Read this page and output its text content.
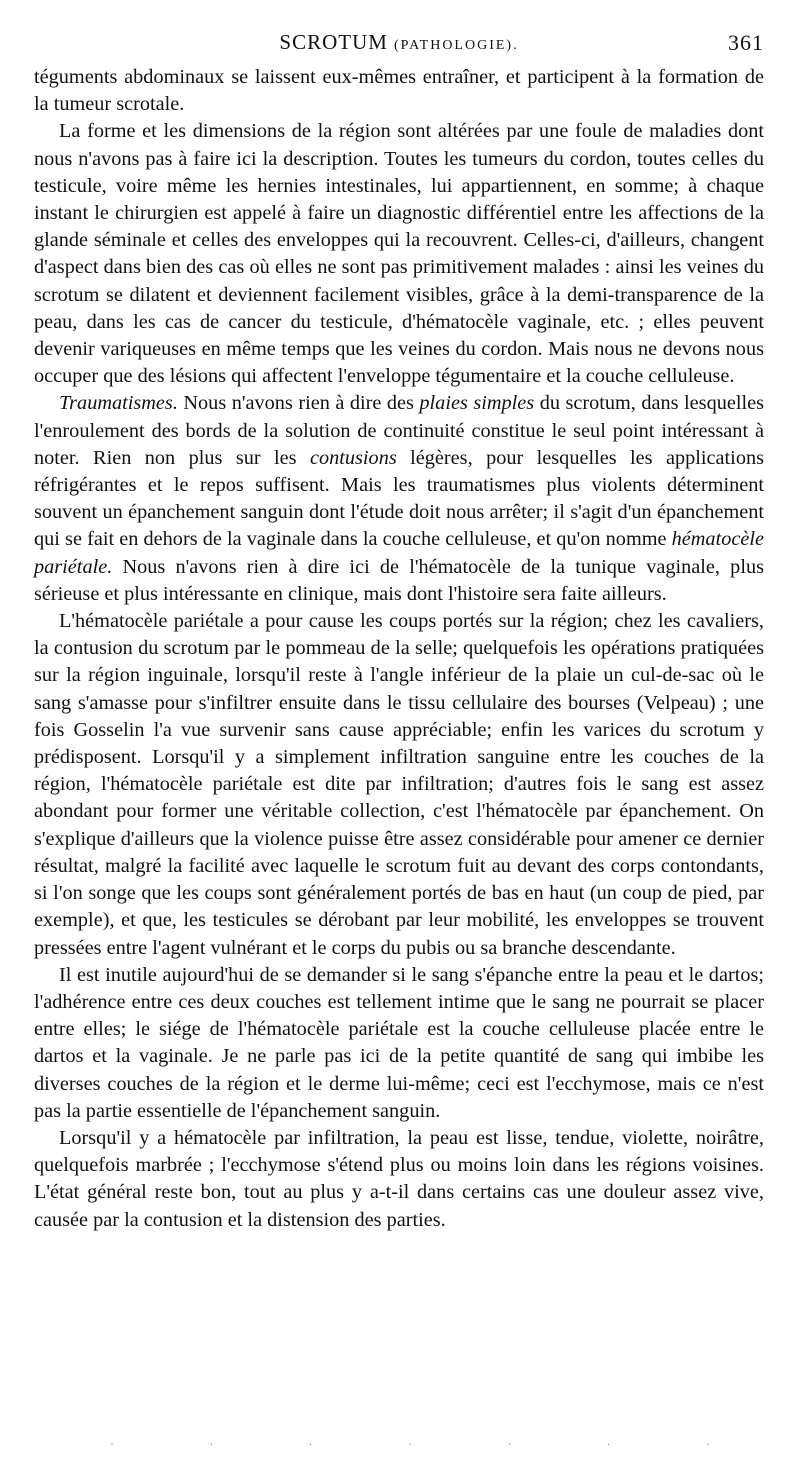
SCROTUM (PATHOLOGIE).	361

téguments abdominaux se laissent eux-mêmes entraîner, et participent à la formation de la tumeur scrotale.

La forme et les dimensions de la région sont altérées par une foule de maladies dont nous n'avons pas à faire ici la description. Toutes les tumeurs du cordon, toutes celles du testicule, voire même les hernies intestinales, lui appartiennent, en somme; à chaque instant le chirurgien est appelé à faire un diagnostic différentiel entre les affections de la glande séminale et celles des enveloppes qui la recouvrent. Celles-ci, d'ailleurs, changent d'aspect dans bien des cas où elles ne sont pas primitivement malades : ainsi les veines du scrotum se dilatent et deviennent facilement visibles, grâce à la demi-transparence de la peau, dans les cas de cancer du testicule, d'hématocèle vaginale, etc. ; elles peuvent devenir variqueuses en même temps que les veines du cordon. Mais nous ne devons nous occuper que des lésions qui affectent l'enveloppe tégumentaire et la couche celluleuse.

Traumatismes. Nous n'avons rien à dire des plaies simples du scrotum, dans lesquelles l'enroulement des bords de la solution de continuité constitue le seul point intéressant à noter. Rien non plus sur les contusions légères, pour lesquelles les applications réfrigérantes et le repos suffisent. Mais les traumatismes plus violents déterminent souvent un épanchement sanguin dont l'étude doit nous arrêter; il s'agit d'un épanchement qui se fait en dehors de la vaginale dans la couche celluleuse, et qu'on nomme hématocèle pariétale. Nous n'avons rien à dire ici de l'hématocèle de la tunique vaginale, plus sérieuse et plus intéressante en clinique, mais dont l'histoire sera faite ailleurs.

L'hématocèle pariétale a pour cause les coups portés sur la région; chez les cavaliers, la contusion du scrotum par le pommeau de la selle; quelquefois les opérations pratiquées sur la région inguinale, lorsqu'il reste à l'angle inférieur de la plaie un cul-de-sac où le sang s'amasse pour s'infiltrer ensuite dans le tissu cellulaire des bourses (Velpeau) ; une fois Gosselin l'a vue survenir sans cause appréciable; enfin les varices du scrotum y prédisposent. Lorsqu'il y a simplement infiltration sanguine entre les couches de la région, l'hématocèle pariétale est dite par infiltration; d'autres fois le sang est assez abondant pour former une véritable collection, c'est l'hématocèle par épanchement. On s'explique d'ailleurs que la violence puisse être assez considérable pour amener ce dernier résultat, malgré la facilité avec laquelle le scrotum fuit au devant des corps contondants, si l'on songe que les coups sont généralement portés de bas en haut (un coup de pied, par exemple), et que, les testicules se dérobant par leur mobilité, les enveloppes se trouvent pressées entre l'agent vulnérant et le corps du pubis ou sa branche descendante.

Il est inutile aujourd'hui de se demander si le sang s'épanche entre la peau et le dartos; l'adhérence entre ces deux couches est tellement intime que le sang ne pourrait se placer entre elles; le siége de l'hématocèle pariétale est la couche celluleuse placée entre le dartos et la vaginale. Je ne parle pas ici de la petite quantité de sang qui imbibe les diverses couches de la région et le derme lui-même; ceci est l'ecchymose, mais ce n'est pas la partie essentielle de l'épanchement sanguin.

Lorsqu'il y a hématocèle par infiltration, la peau est lisse, tendue, violette, noirâtre, quelquefois marbrée ; l'ecchymose s'étend plus ou moins loin dans les régions voisines. L'état général reste bon, tout au plus y a-t-il dans certains cas une douleur assez vive, causée par la contusion et la distension des parties.

·	·	·	·	·	·	·
